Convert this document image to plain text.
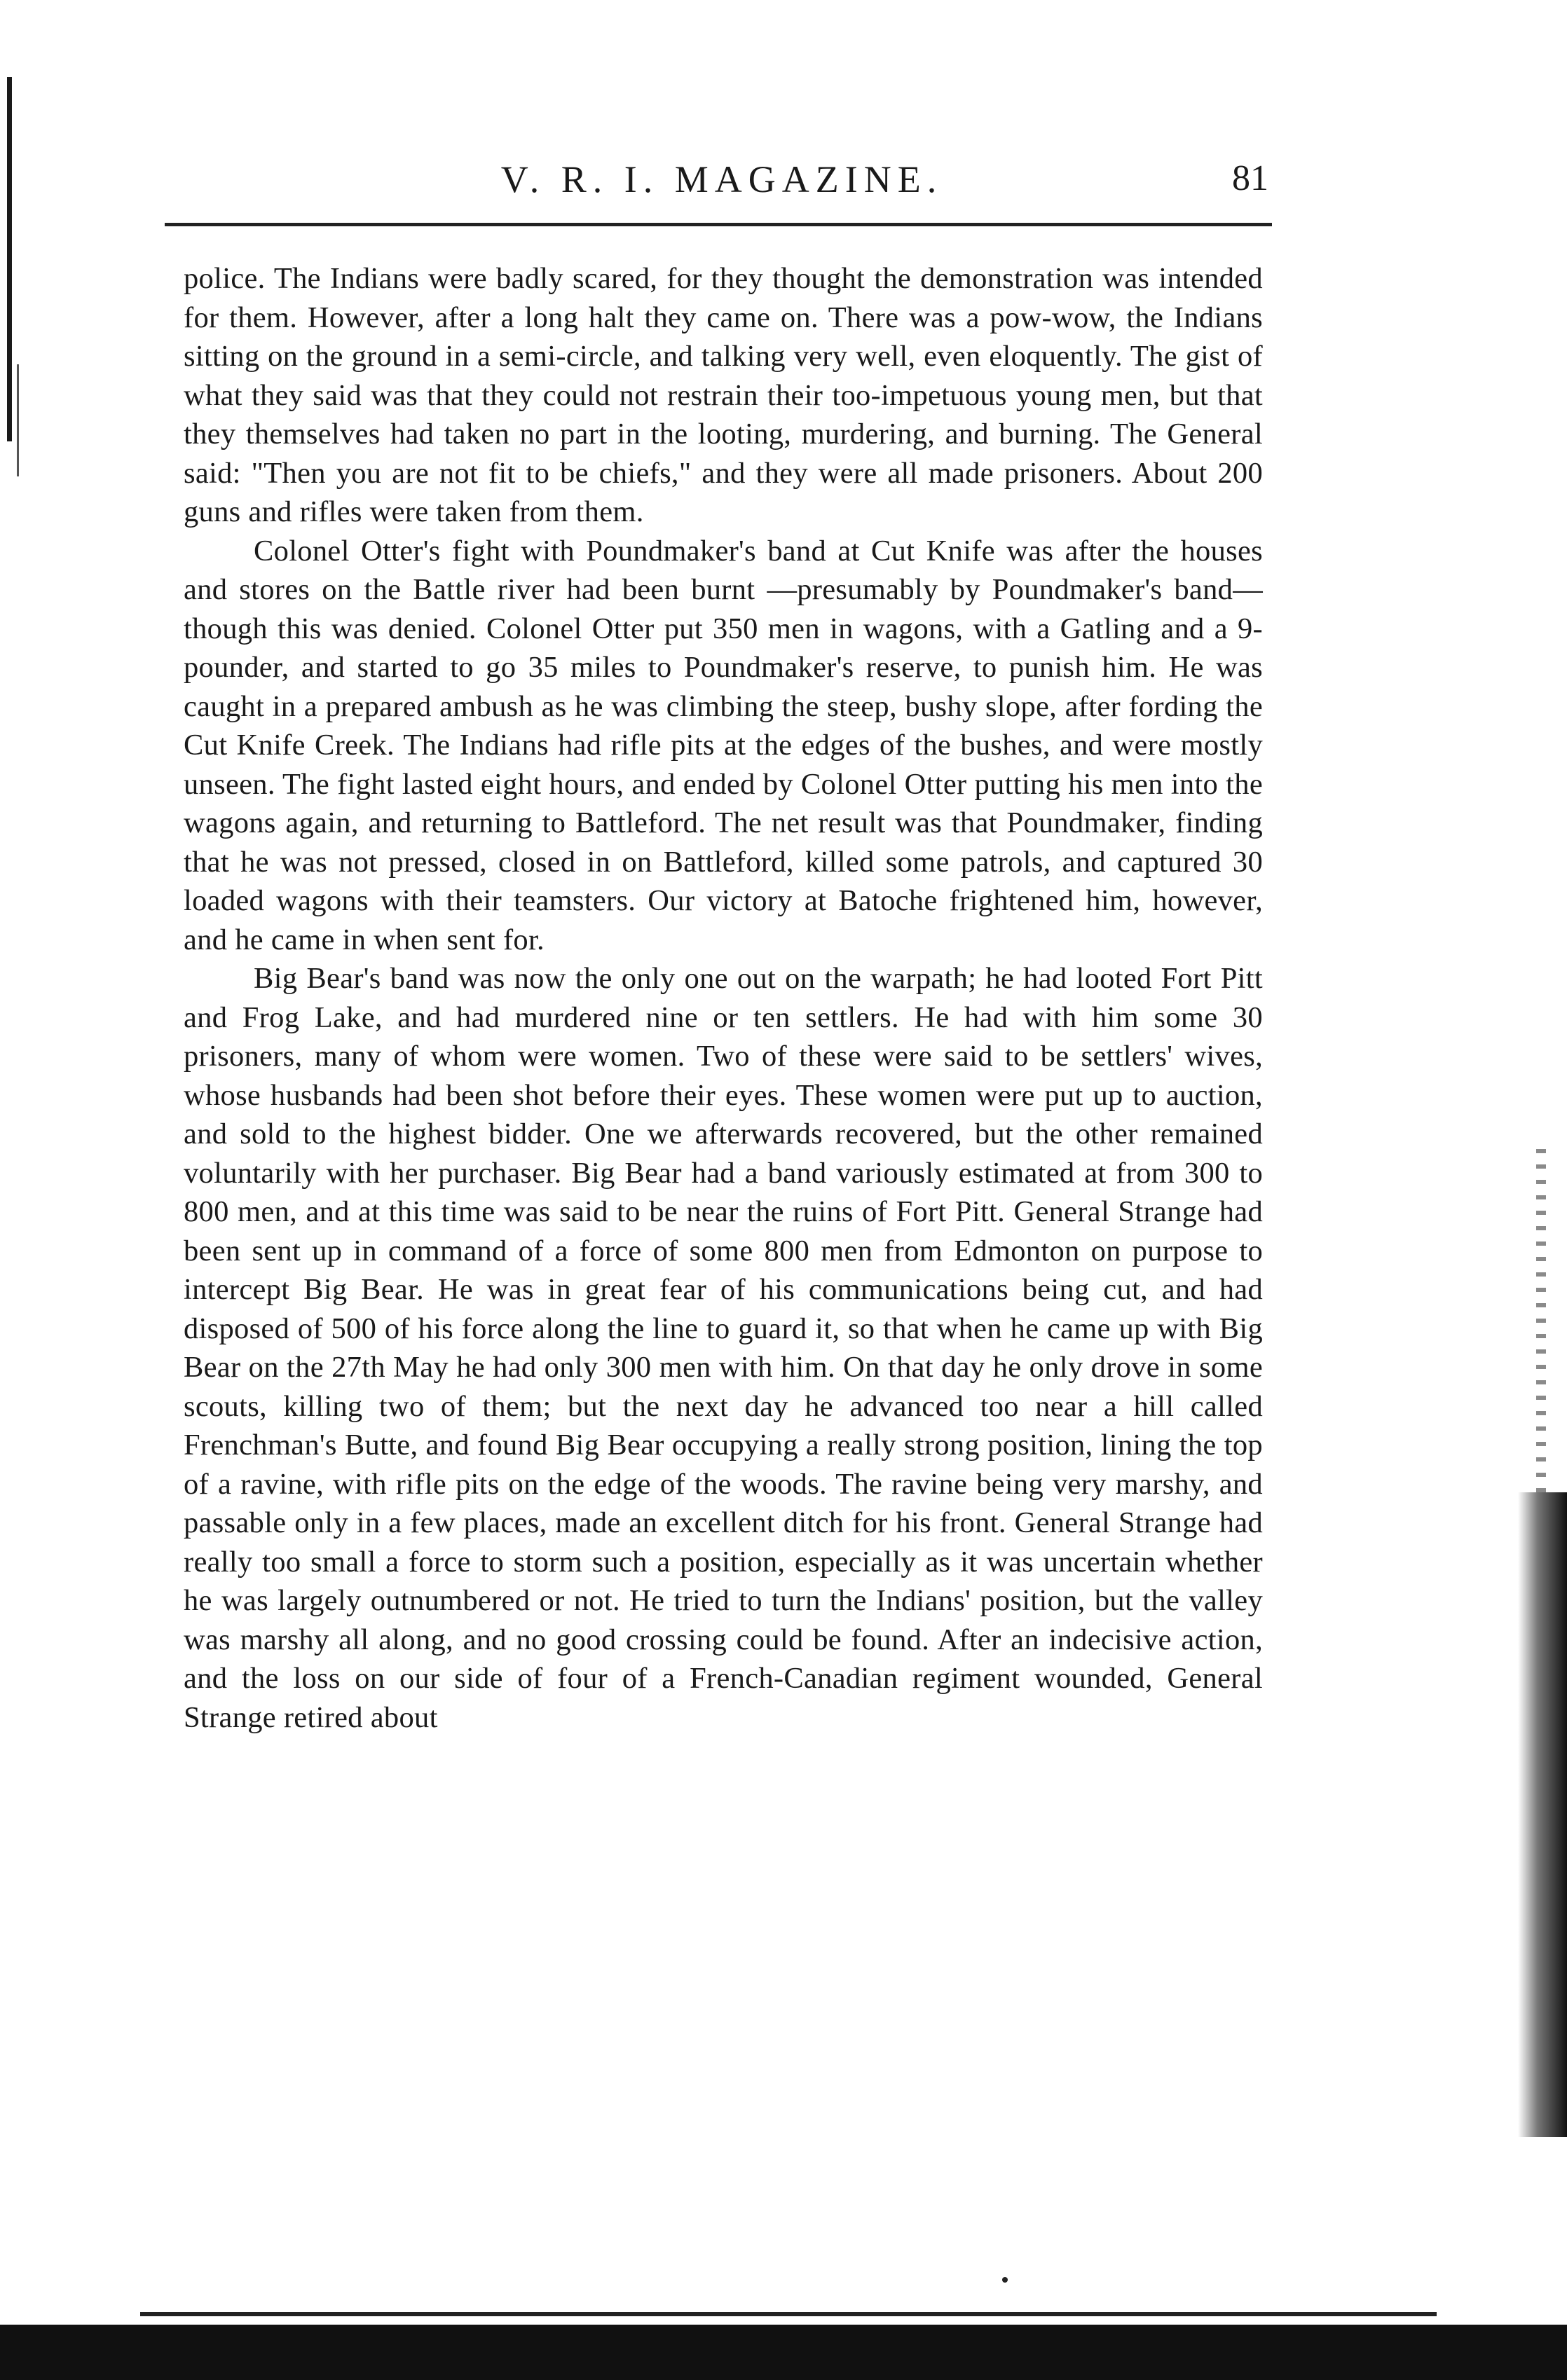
V. R. I. MAGAZINE.	81

police. The Indians were badly scared, for they thought the demonstration was intended for them. However, after a long halt they came on. There was a pow-wow, the Indians sitting on the ground in a semi-circle, and talking very well, even eloquently. The gist of what they said was that they could not restrain their too-impetuous young men, but that they themselves had taken no part in the looting, murdering, and burning. The General said: "Then you are not fit to be chiefs," and they were all made prisoners. About 200 guns and rifles were taken from them.

Colonel Otter's fight with Poundmaker's band at Cut Knife was after the houses and stores on the Battle river had been burnt —presumably by Poundmaker's band—though this was denied. Colonel Otter put 350 men in wagons, with a Gatling and a 9-pounder, and started to go 35 miles to Poundmaker's reserve, to punish him. He was caught in a prepared ambush as he was climbing the steep, bushy slope, after fording the Cut Knife Creek. The Indians had rifle pits at the edges of the bushes, and were mostly unseen. The fight lasted eight hours, and ended by Colonel Otter putting his men into the wagons again, and returning to Battleford. The net result was that Poundmaker, finding that he was not pressed, closed in on Battleford, killed some patrols, and captured 30 loaded wagons with their teamsters. Our victory at Batoche frightened him, however, and he came in when sent for.

Big Bear's band was now the only one out on the warpath; he had looted Fort Pitt and Frog Lake, and had murdered nine or ten settlers. He had with him some 30 prisoners, many of whom were women. Two of these were said to be settlers' wives, whose husbands had been shot before their eyes. These women were put up to auction, and sold to the highest bidder. One we afterwards recovered, but the other remained voluntarily with her purchaser. Big Bear had a band variously estimated at from 300 to 800 men, and at this time was said to be near the ruins of Fort Pitt. General Strange had been sent up in command of a force of some 800 men from Edmonton on purpose to intercept Big Bear. He was in great fear of his communications being cut, and had disposed of 500 of his force along the line to guard it, so that when he came up with Big Bear on the 27th May he had only 300 men with him. On that day he only drove in some scouts, killing two of them; but the next day he advanced too near a hill called Frenchman's Butte, and found Big Bear occupying a really strong position, lining the top of a ravine, with rifle pits on the edge of the woods. The ravine being very marshy, and passable only in a few places, made an excellent ditch for his front. General Strange had really too small a force to storm such a position, especially as it was uncertain whether he was largely outnumbered or not. He tried to turn the Indians' position, but the valley was marshy all along, and no good crossing could be found. After an indecisive action, and the loss on our side of four of a French-Canadian regiment wounded, General Strange retired about
